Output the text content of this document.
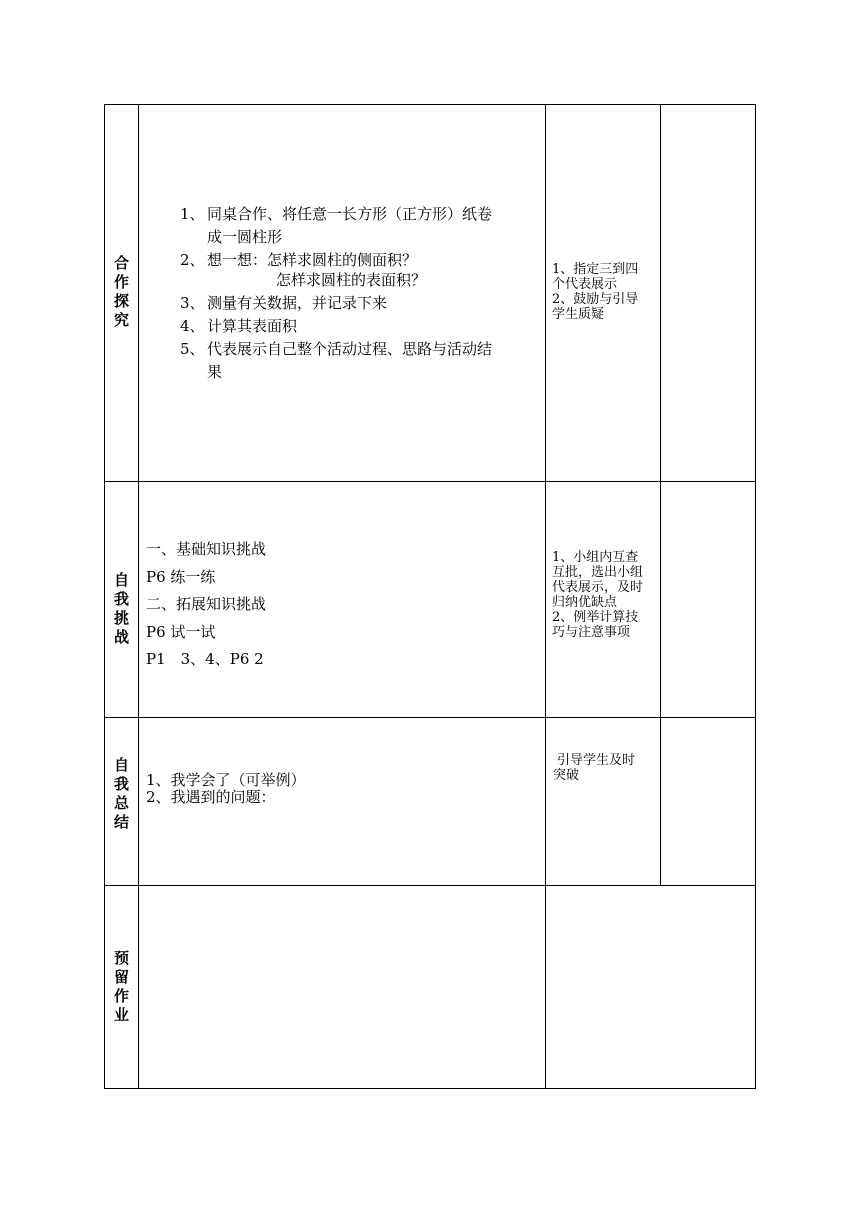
合
作
探
究
1、 同桌合作、将任意一长方形（正方形）纸卷
成一圆柱形
2、 想一想：怎样求圆柱的侧面积？
怎样求圆柱的表面积？
3、 测量有关数据，并记录下来
4、 计算其表面积
5、 代表展示自己整个活动过程、思路与活动结
果
1、指定三到四
个代表展示
2、鼓励与引导
学生质疑
自
我
挑
战
一、基础知识挑战
P6 练一练
二、拓展知识挑战
P6 试一试
P1　3、4、P6 2
1、小组内互查
互批，选出小组
代表展示，及时
归纳优缺点
2、例举计算技
巧与注意事项
自
我
总
结
1、我学会了（可举例）
2、我遇到的问题：
引导学生及时
突破
预
留
作
业
